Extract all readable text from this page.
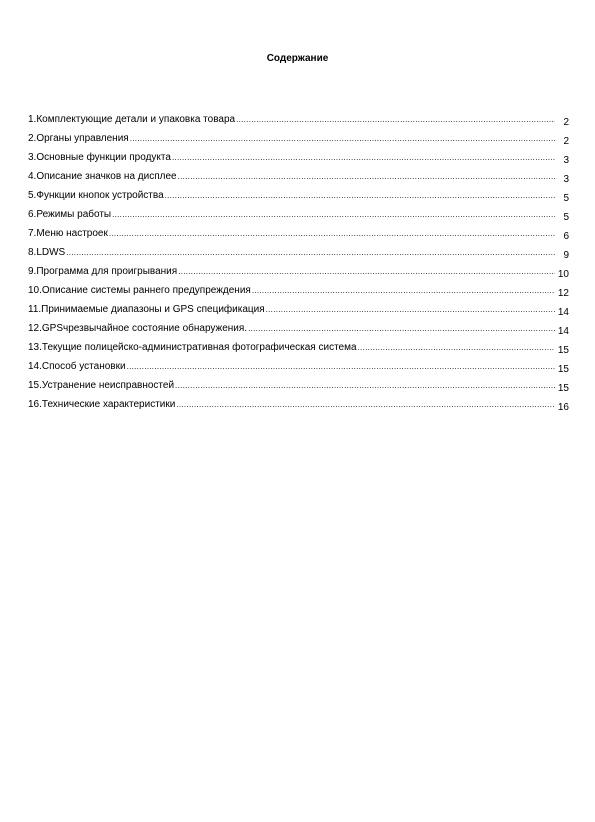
Содержание
1.Комплектующие детали и упаковка товара .....	2
2.Органы управления .....	2
3.Основные функции продукта .....	3
4.Описание значков на дисплее .....	3
5.Функции кнопок устройства .....	5
6.Режимы работы .....	5
7.Меню настроек .....	6
8.LDWS .....	9
9.Программа для проигрывания .....	10
10.Описание системы раннего предупреждения .....	12
11.Принимаемые диапазоны и GPS спецификация .....	14
12.GPSчрезвычайное состояние обнаружения. .....	14
13.Текущие полицейско-административная фотографическая система .....	15
14.Способ установки .....	15
15.Устранение неисправностей .....	15
16.Технические характеристики .....	16
